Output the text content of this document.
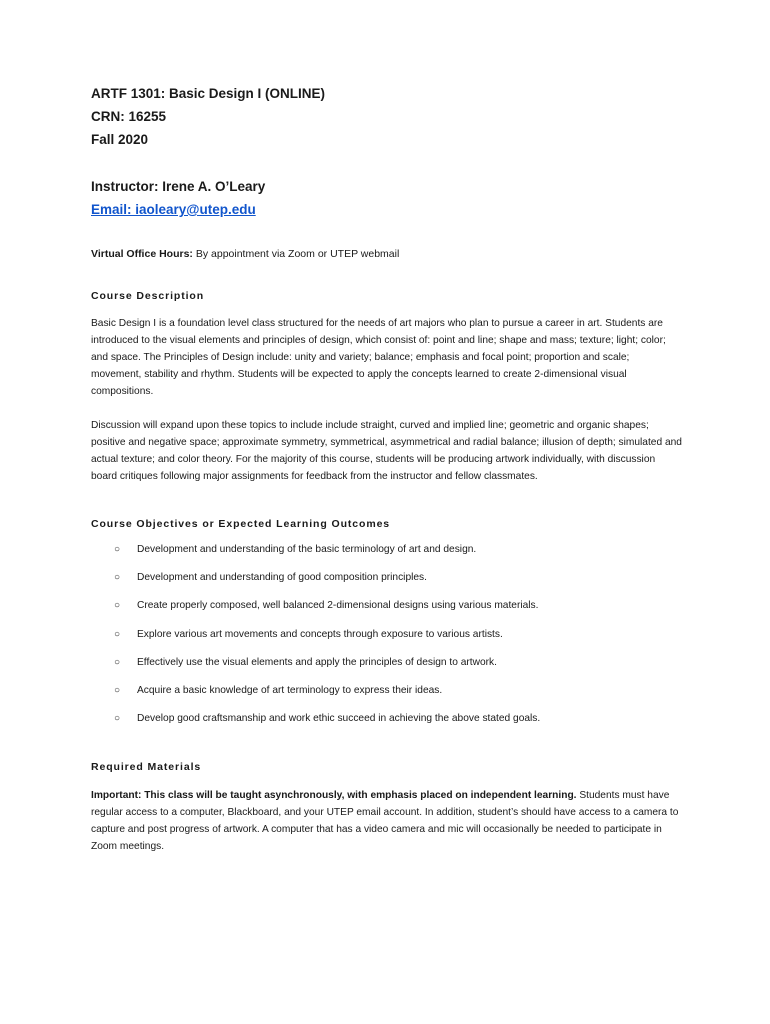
ARTF 1301: Basic Design I (ONLINE)

CRN: 16255

Fall 2020

Instructor: Irene A. O’Leary

Email: iaoleary@utep.edu
Virtual Office Hours: By appointment via Zoom or UTEP webmail

Course Description

Basic Design I is a foundation level class structured for the needs of art majors who plan to pursue a career in art. Students are introduced to the visual elements and principles of design, which consist of: point and line; shape and mass; texture; light; color; and space. The Principles of Design include: unity and variety; balance; emphasis and focal point; proportion and scale; movement, stability and rhythm. Students will be expected to apply the concepts learned to create 2-dimensional visual compositions.

Discussion will expand upon these topics to include include straight, curved and implied line; geometric and organic shapes; positive and negative space; approximate symmetry, symmetrical, asymmetrical and radial balance; illusion of depth; simulated and actual texture; and color theory. For the majority of this course, students will be producing artwork individually, with discussion board critiques following major assignments for feedback from the instructor and fellow classmates.

Course Objectives or Expected Learning Outcomes

○ Development and understanding of the basic terminology of art and design.
○ Development and understanding of good composition principles.
○ Create properly composed, well balanced 2-dimensional designs using various materials.
○ Explore various art movements and concepts through exposure to various artists.
○ Effectively use the visual elements and apply the principles of design to artwork.
○ Acquire a basic knowledge of art terminology to express their ideas.
○ Develop good craftsmanship and work ethic succeed in achieving the above stated goals.

Required Materials

Important: This class will be taught asynchronously, with emphasis placed on independent learning. Students must have regular access to a computer, Blackboard, and your UTEP email account. In addition, student’s should have access to a camera to capture and post progress of artwork. A computer that has a video camera and mic will occasionally be needed to participate in Zoom meetings.
